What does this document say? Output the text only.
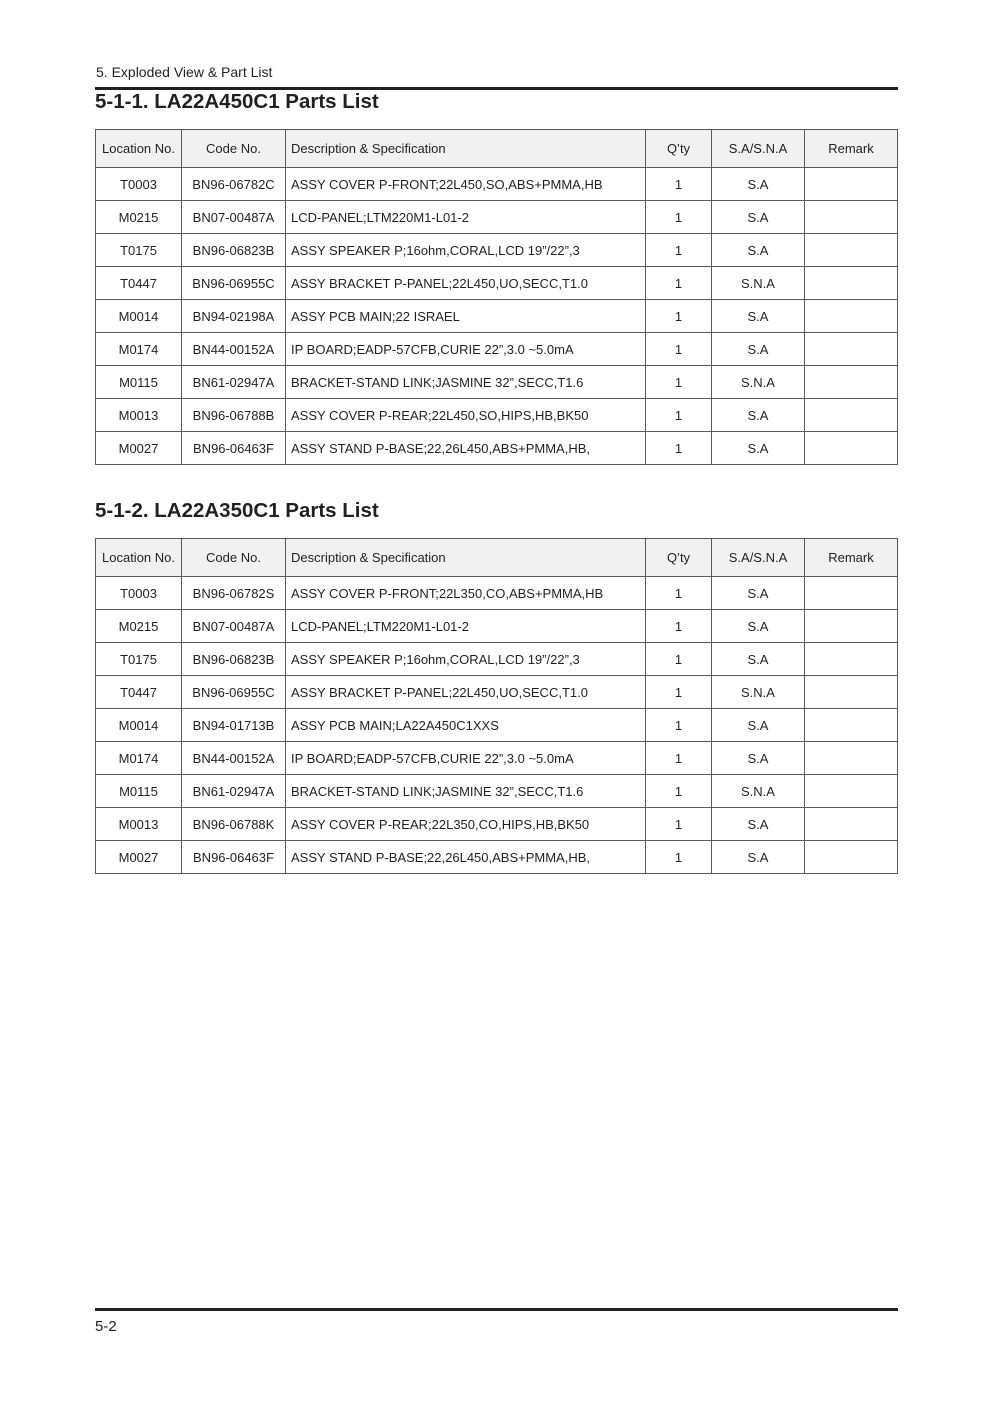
5. Exploded View & Part List
5-1-1. LA22A450C1 Parts List
Location No.	Code No.	Description & Specification	Q’ty	S.A/S.N.A	Remark
T0003	BN96-06782C	ASSY COVER P-FRONT;22L450,SO,ABS+PMMA,HB	1	S.A	
M0215	BN07-00487A	LCD-PANEL;LTM220M1-L01-2	1	S.A	
T0175	BN96-06823B	ASSY SPEAKER P;16ohm,CORAL,LCD 19”/22”,3	1	S.A	
T0447	BN96-06955C	ASSY BRACKET P-PANEL;22L450,UO,SECC,T1.0	1	S.N.A	
M0014	BN94-02198A	ASSY PCB MAIN;22 ISRAEL	1	S.A	
M0174	BN44-00152A	IP BOARD;EADP-57CFB,CURIE 22”,3.0 ~5.0mA	1	S.A	
M0115	BN61-02947A	BRACKET-STAND LINK;JASMINE 32”,SECC,T1.6	1	S.N.A	
M0013	BN96-06788B	ASSY COVER P-REAR;22L450,SO,HIPS,HB,BK50	1	S.A	
M0027	BN96-06463F	ASSY STAND P-BASE;22,26L450,ABS+PMMA,HB,	1	S.A	
5-1-2. LA22A350C1 Parts List
Location No.	Code No.	Description & Specification	Q’ty	S.A/S.N.A	Remark
T0003	BN96-06782S	ASSY COVER P-FRONT;22L350,CO,ABS+PMMA,HB	1	S.A	
M0215	BN07-00487A	LCD-PANEL;LTM220M1-L01-2	1	S.A	
T0175	BN96-06823B	ASSY SPEAKER P;16ohm,CORAL,LCD 19”/22”,3	1	S.A	
T0447	BN96-06955C	ASSY BRACKET P-PANEL;22L450,UO,SECC,T1.0	1	S.N.A	
M0014	BN94-01713B	ASSY PCB MAIN;LA22A450C1XXS	1	S.A	
M0174	BN44-00152A	IP BOARD;EADP-57CFB,CURIE 22”,3.0 ~5.0mA	1	S.A	
M0115	BN61-02947A	BRACKET-STAND LINK;JASMINE 32”,SECC,T1.6	1	S.N.A	
M0013	BN96-06788K	ASSY COVER P-REAR;22L350,CO,HIPS,HB,BK50	1	S.A	
M0027	BN96-06463F	ASSY STAND P-BASE;22,26L450,ABS+PMMA,HB,	1	S.A	
5-2
